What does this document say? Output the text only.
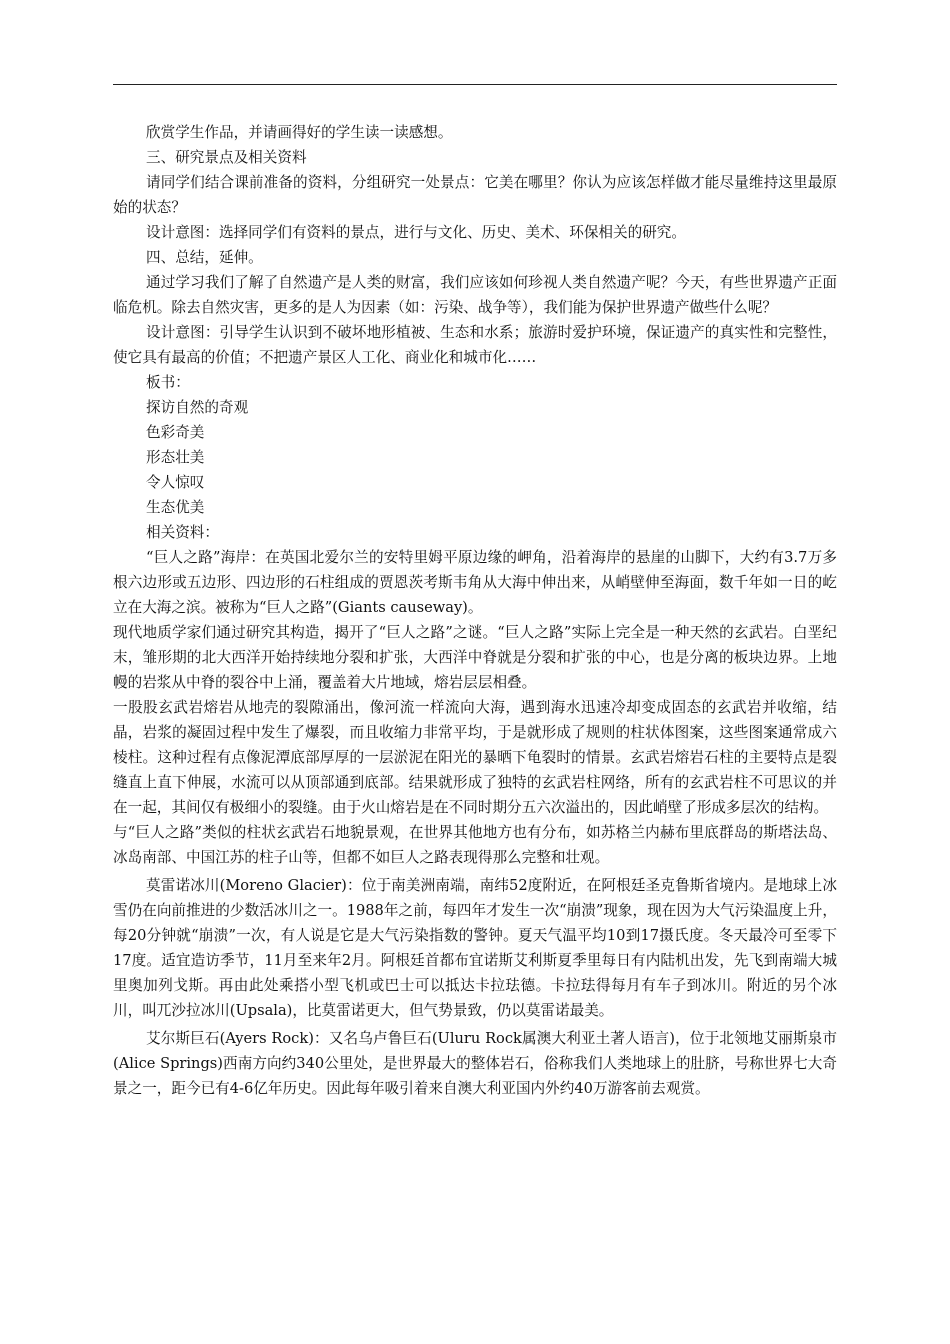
欣赏学生作品，并请画得好的学生读一读感想。

三、研究景点及相关资料

请同学们结合课前准备的资料，分组研究一处景点：它美在哪里？你认为应该怎样做才能尽量维持这里最原始的状态？

设计意图：选择同学们有资料的景点，进行与文化、历史、美术、环保相关的研究。

四、总结，延伸。

通过学习我们了解了自然遗产是人类的财富，我们应该如何珍视人类自然遗产呢？今天，有些世界遗产正面临危机。除去自然灾害，更多的是人为因素（如：污染、战争等），我们能为保护世界遗产做些什么呢？

设计意图：引导学生认识到不破坏地形植被、生态和水系；旅游时爱护环境，保证遗产的真实性和完整性，使它具有最高的价值；不把遗产景区人工化、商业化和城市化……

板书：

探访自然的奇观

色彩奇美

形态壮美

令人惊叹

生态优美

相关资料：

“巨人之路”海岸：在英国北爱尔兰的安特里姆平原边缘的岬角，沿着海岸的悬崖的山脚下，大约有3.7万多根六边形或五边形、四边形的石柱组成的贾恩茨考斯韦角从大海中伸出来，从峭壁伸至海面，数千年如一日的屹立在大海之滨。被称为“巨人之路”(Giants causeway)。

现代地质学家们通过研究其构造，揭开了“巨人之路”之谜。“巨人之路”实际上完全是一种天然的玄武岩。白垩纪末，雏形期的北大西洋开始持续地分裂和扩张，大西洋中脊就是分裂和扩张的中心，也是分离的板块边界。上地幔的岩浆从中脊的裂谷中上涌，覆盖着大片地域，熔岩层层相叠。

一股股玄武岩熔岩从地壳的裂隙涌出，像河流一样流向大海，遇到海水迅速冷却变成固态的玄武岩并收缩，结晶，岩浆的凝固过程中发生了爆裂，而且收缩力非常平均，于是就形成了规则的柱状体图案，这些图案通常成六棱柱。这种过程有点像泥潭底部厚厚的一层淤泥在阳光的暴晒下龟裂时的情景。玄武岩熔岩石柱的主要特点是裂缝直上直下伸展，水流可以从顶部通到底部。结果就形成了独特的玄武岩柱网络，所有的玄武岩柱不可思议的并在一起，其间仅有极细小的裂缝。由于火山熔岩是在不同时期分五六次溢出的，因此峭壁了形成多层次的结构。

与“巨人之路”类似的柱状玄武岩石地貌景观，在世界其他地方也有分布，如苏格兰内赫布里底群岛的斯塔法岛、冰岛南部、中国江苏的柱子山等，但都不如巨人之路表现得那么完整和壮观。

莫雷诺冰川(Moreno Glacier)：位于南美洲南端，南纬52度附近，在阿根廷圣克鲁斯省境内。是地球上冰雪仍在向前推进的少数活冰川之一。1988年之前，每四年才发生一次“崩溃”现象，现在因为大气污染温度上升，每20分钟就“崩溃”一次，有人说是它是大气污染指数的警钟。夏天气温平均10到17摄氏度。冬天最冷可至零下17度。适宜造访季节，11月至来年2月。阿根廷首都布宜诺斯艾利斯夏季里每日有内陆机出发，先飞到南端大城里奥加列戈斯。再由此处乘搭小型飞机或巴士可以抵达卡拉珐德。卡拉珐得每月有车子到冰川。附近的另个冰川，叫兀沙拉冰川(Upsala)，比莫雷诺更大，但气势景致，仍以莫雷诺最美。

艾尔斯巨石(Ayers Rock)：又名乌卢鲁巨石(Uluru Rock属澳大利亚土著人语言)，位于北领地艾丽斯泉市(Alice Springs)西南方向约340公里处，是世界最大的整体岩石，俗称我们人类地球上的肚脐，号称世界七大奇景之一，距今已有4-6亿年历史。因此每年吸引着来自澳大利亚国内外约40万游客前去观赏。
